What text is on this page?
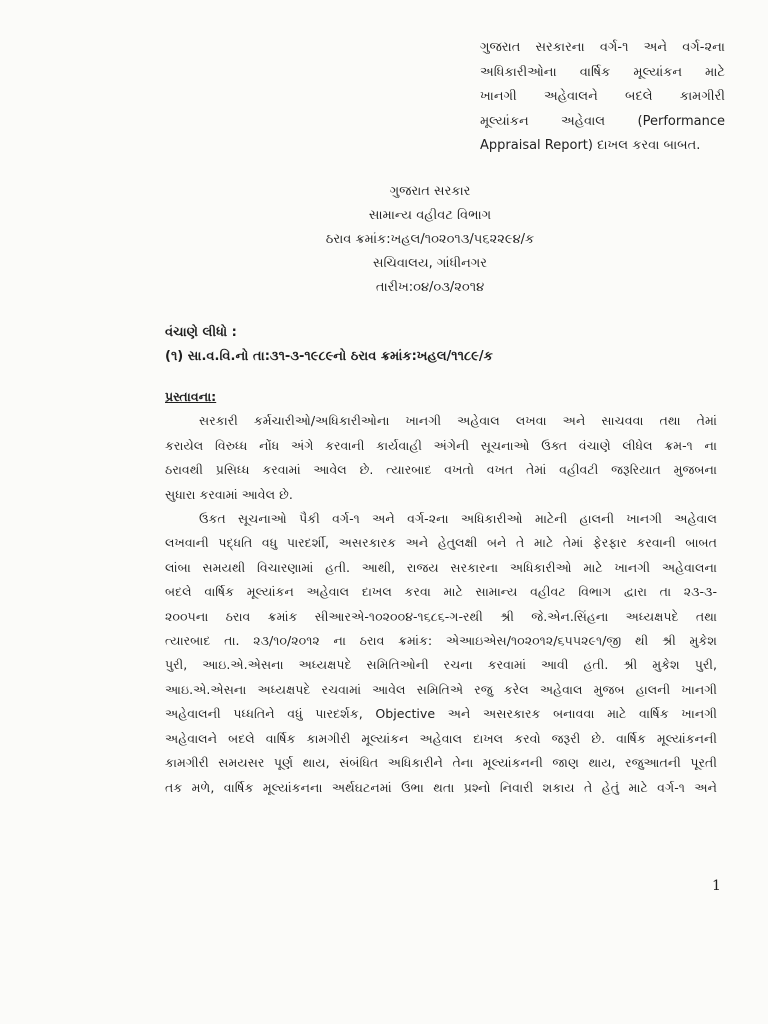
ગુજરાત સરકારના વર્ગ-૧ અને વર્ગ-૨ના
અધિકારીઓના વાર્ષિક મૂલ્યાંકન માટે
ખાનગી અહેવાલને બદલે કામગીરી
મૂલ્યાંકન અહેવાલ (Performance
Appraisal Report) દાખલ કરવા બાબત.
ગુજરાત સરકાર
સામાન્ય વહીવટ વિભાગ
ઠરાવ ક્રમાંક:ખહલ/૧૦૨૦૧૩/૫૬૨૨૯૪/ક
સચિવાલય, ગાંધીનગર
તારીખ:૦૪/૦૩/૨૦૧૪
વંચાણે લીધો :
(૧) સા.વ.વિ.નો તા:૩૧-૩-૧૯૮૯નો ઠરાવ ક્રમાંક:ખહલ/૧૧૮૯/ક
પ્રસ્તાવના:
સરકારી કર્મચારીઓ/અધિકારીઓના ખાનગી અહેવાલ લખવા અને સાચવવા તથા તેમાં
કરાયેલ વિરુધ્ધ નોંધ અંગે કરવાની કાર્યવાહી અંગેની સૂચનાઓ ઉક્ત વંચાણે લીધેલ ક્રમ-૧ ના
ઠરાવથી પ્રસિધ્ધ કરવામાં આવેલ છે. ત્યારબાદ વખતો વખત તેમાં વહીવટી જરૂરિયાત મુજબના
સુધારા કરવામાં આવેલ છે.
ઉકત સૂચનાઓ પૈકી વર્ગ-૧ અને વર્ગ-૨ના અધિકારીઓ માટેની હાલની ખાનગી અહેવાલ
લખવાની પદ્ધતિ વધુ પારદર્શી, અસરકારક અને હેતુલક્ષી બને તે માટે તેમાં ફેરફાર કરવાની બાબત
લાંબા સમયથી વિચારણામાં હતી. આથી, રાજય સરકારના અધિકારીઓ માટે ખાનગી અહેવાલના
બદલે વાર્ષિક મૂલ્યાંકન અહેવાલ દાખલ કરવા માટે સામાન્ય વહીવટ વિભાગ દ્વારા તા ૨૩-૩-
૨૦૦૫ના ઠરાવ ક્રમાંક સીઆરએ-૧૦૨૦૦૪-૧૬૮૬-ગ-રથી શ્રી જે.એન.સિંહના અધ્યક્ષપદે તથા
ત્યારબાદ તા. ૨૩/૧૦/૨૦૧૨ ના ઠરાવ ક્રમાંક: એઆઇએસ/૧૦૨૦૧૨/૬૫૫૨૯૧/જી થી શ્રી મુકેશ
પુરી, આઇ.એ.એસના અધ્યક્ષપદે સમિતિઓની રચના કરવામાં આવી હતી. શ્રી મુકેશ પુરી,
આઇ.એ.એસના અધ્યક્ષપદે રચવામાં આવેલ સમિતિએ રજુ કરેલ અહેવાલ મુજબ હાલની ખાનગી
અહેવાલની પધ્ધતિને વધું પારદર્શક, Objective અને અસરકારક બનાવવા માટે વાર્ષિક ખાનગી
અહેવાલને બદલે વાર્ષિક કામગીરી મૂલ્યાંકન અહેવાલ દાખલ કરવો જરૂરી છે. વાર્ષિક મૂલ્યાંકનની
કામગીરી સમયસર પૂર્ણ થાય, સંબંધિત અધિકારીને તેના મૂલ્યાંકનની જાણ થાય, રજુઆતની પૂરતી
તક મળે, વાર્ષિક મૂલ્યાંકનના અર્થઘટનમાં ઉભા થતા પ્રશ્નો નિવારી શકાય તે હેતું માટે વર્ગ-૧ અને
1
